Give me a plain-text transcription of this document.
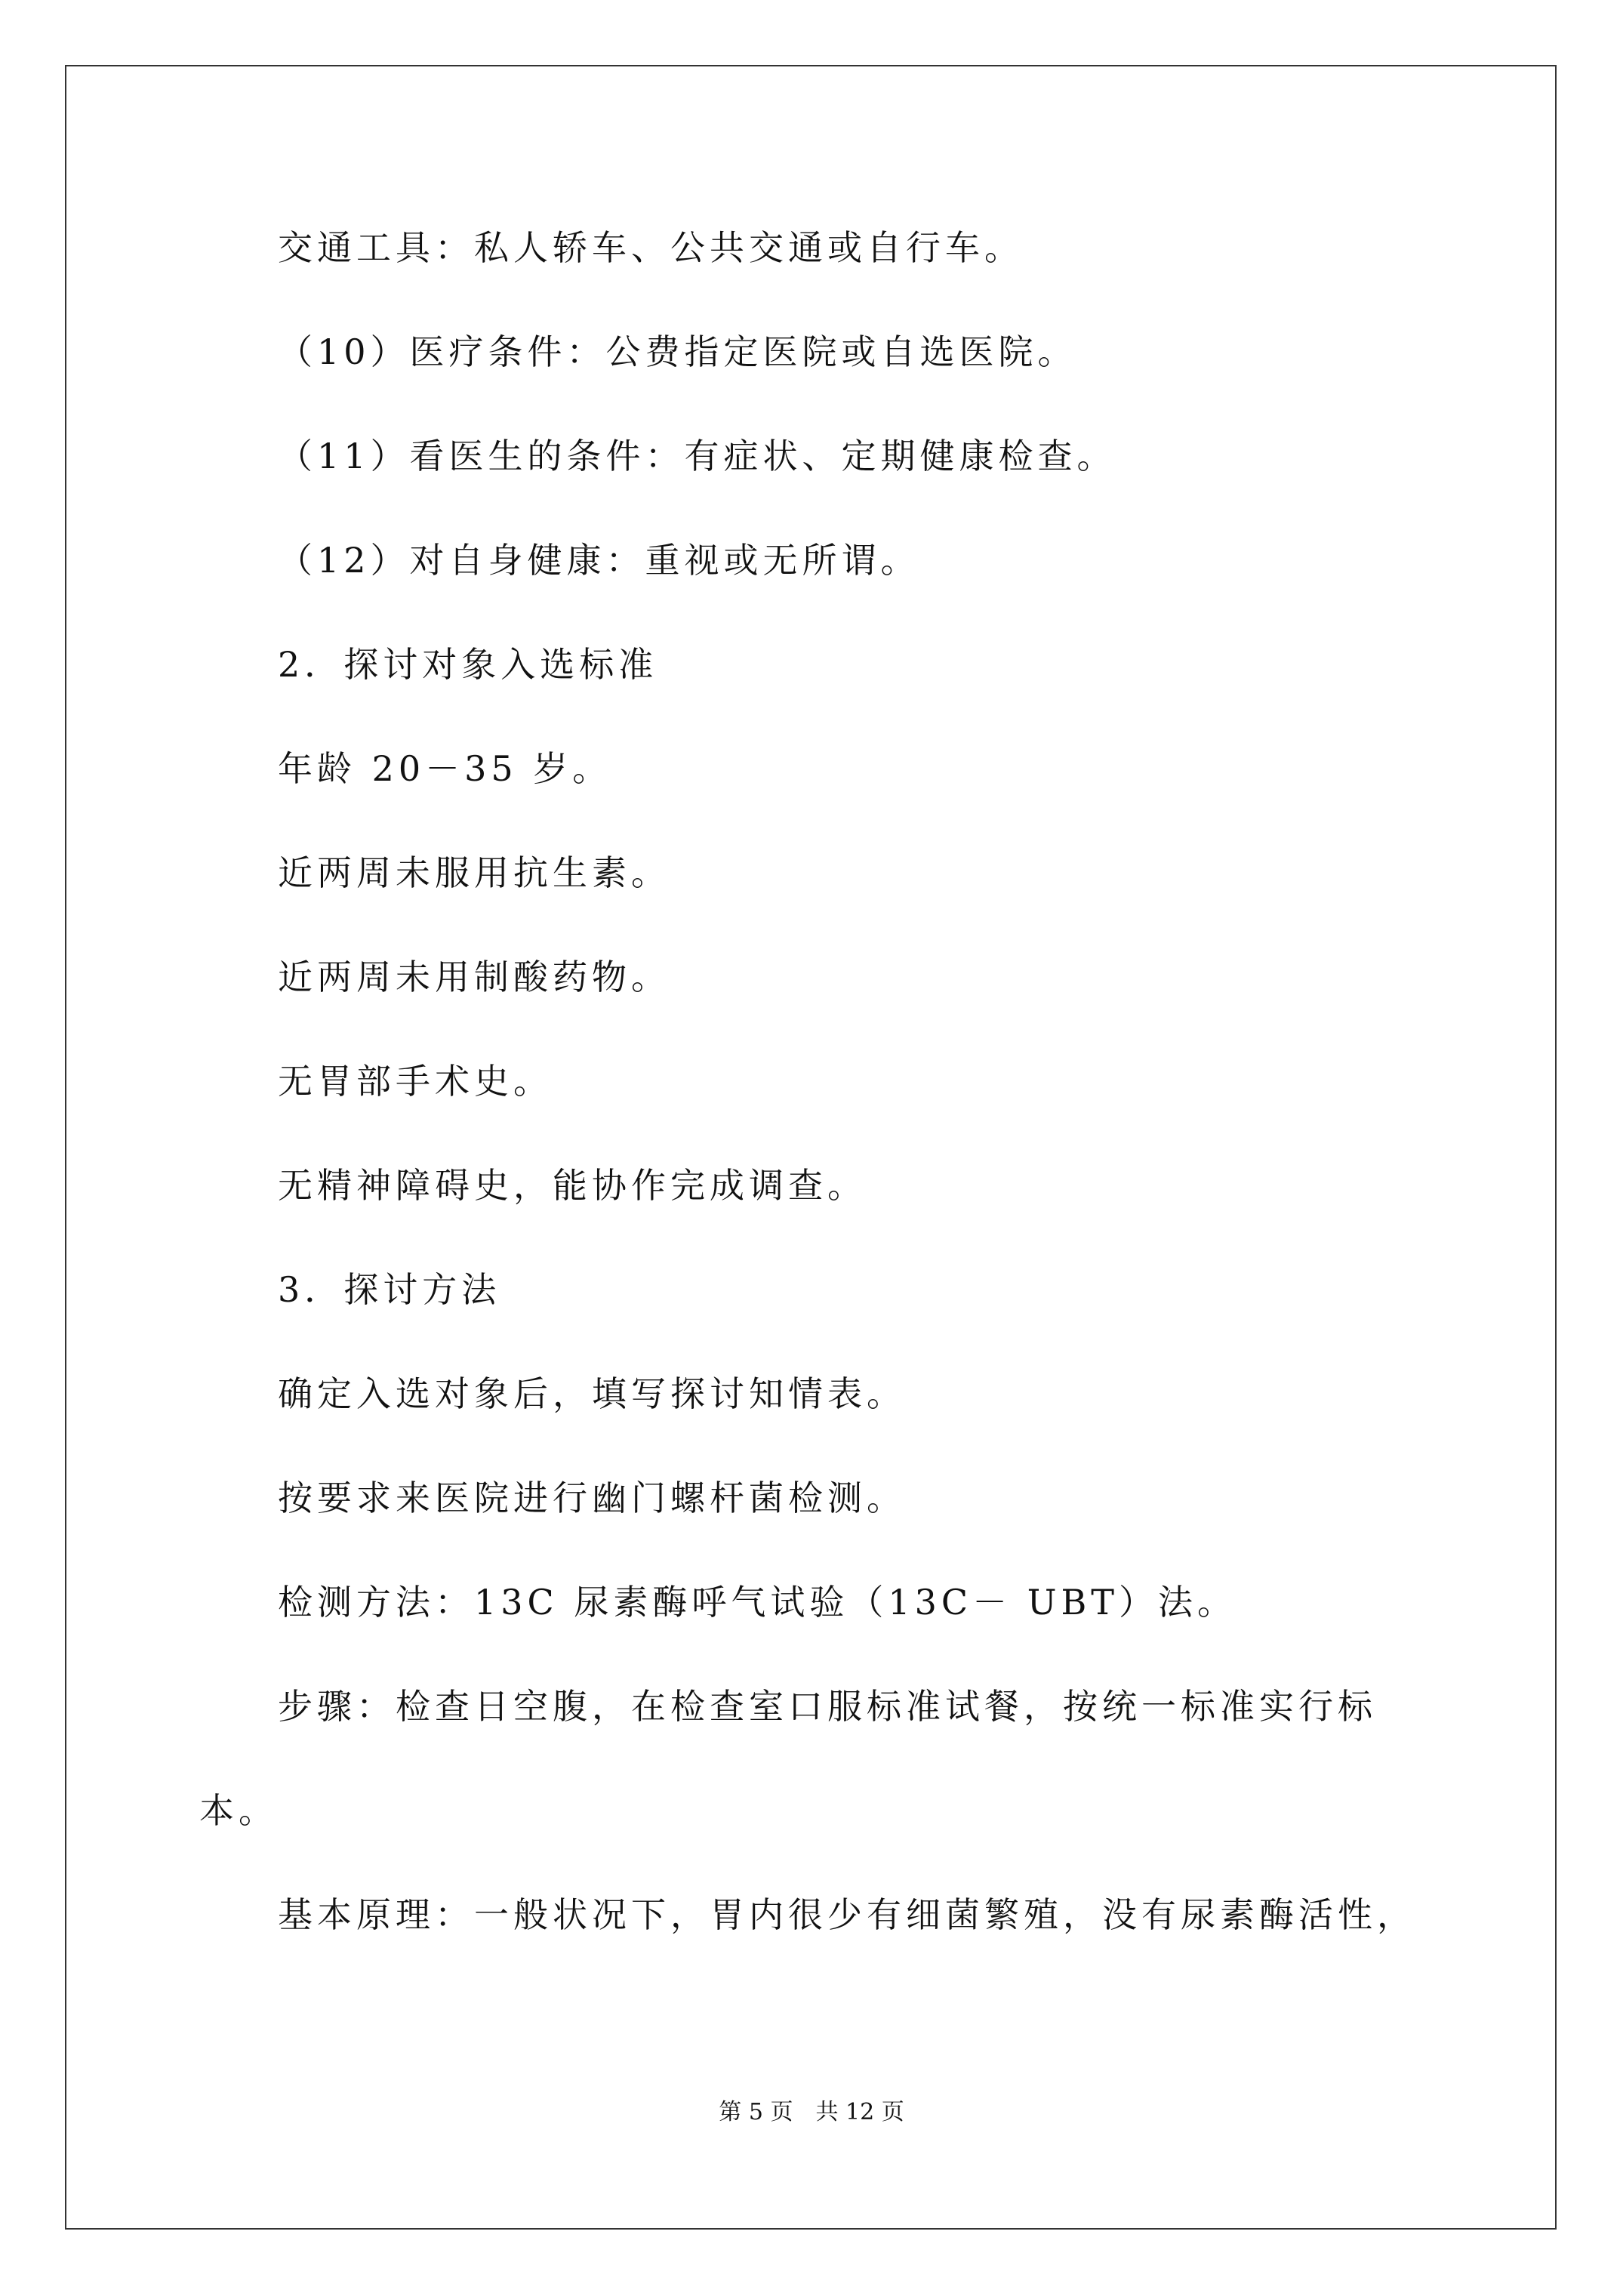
交通工具：私人轿车、公共交通或自行车。
（10）医疗条件：公费指定医院或自选医院。
（11）看医生的条件：有症状、定期健康检查。
（12）对自身健康：重视或无所谓。
2．探讨对象入选标准
年龄 20－35 岁。
近两周未服用抗生素。
近两周未用制酸药物。
无胃部手术史。
无精神障碍史，能协作完成调查。
3．探讨方法
确定入选对象后，填写探讨知情表。
按要求来医院进行幽门螺杆菌检测。
检测方法：13C 尿素酶呼气试验（13C－ UBT）法。
步骤：检查日空腹，在检查室口服标准试餐，按统一标准实行标
本。
基本原理：一般状况下，胃内很少有细菌繁殖，没有尿素酶活性，
第 5 页　共 12 页
